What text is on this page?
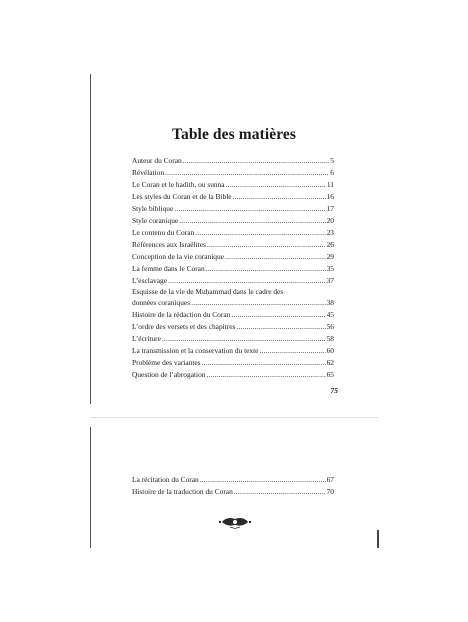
Table des matières
Auteur du Coran .....	5
Révélation .....	6
Le Coran et le hadith, ou sunna .....	11
Les styles du Coran et de la Bible .....	16
Style biblique .....	17
Style coranique .....	20
Le contenu du Coran .....	23
Références aux Israélites .....	26
Conception de la vie coranique .....	29
La femme dans le Coran .....	35
L’esclavage .....	37
Esquisse de la vie de Muḥammad dans le cadre des
données coraniques .....	38
Histoire de la rédaction du Coran .....	45
L’ordre des versets et des chapitres .....	56
L’écriture .....	58
La transmission et la conservation du texte .....	60
Problème des variantes .....	62
Question de l’abrogation .....	65
75
La récitation du Coran .....	67
Histoire de la traduction du Coran .....	70
